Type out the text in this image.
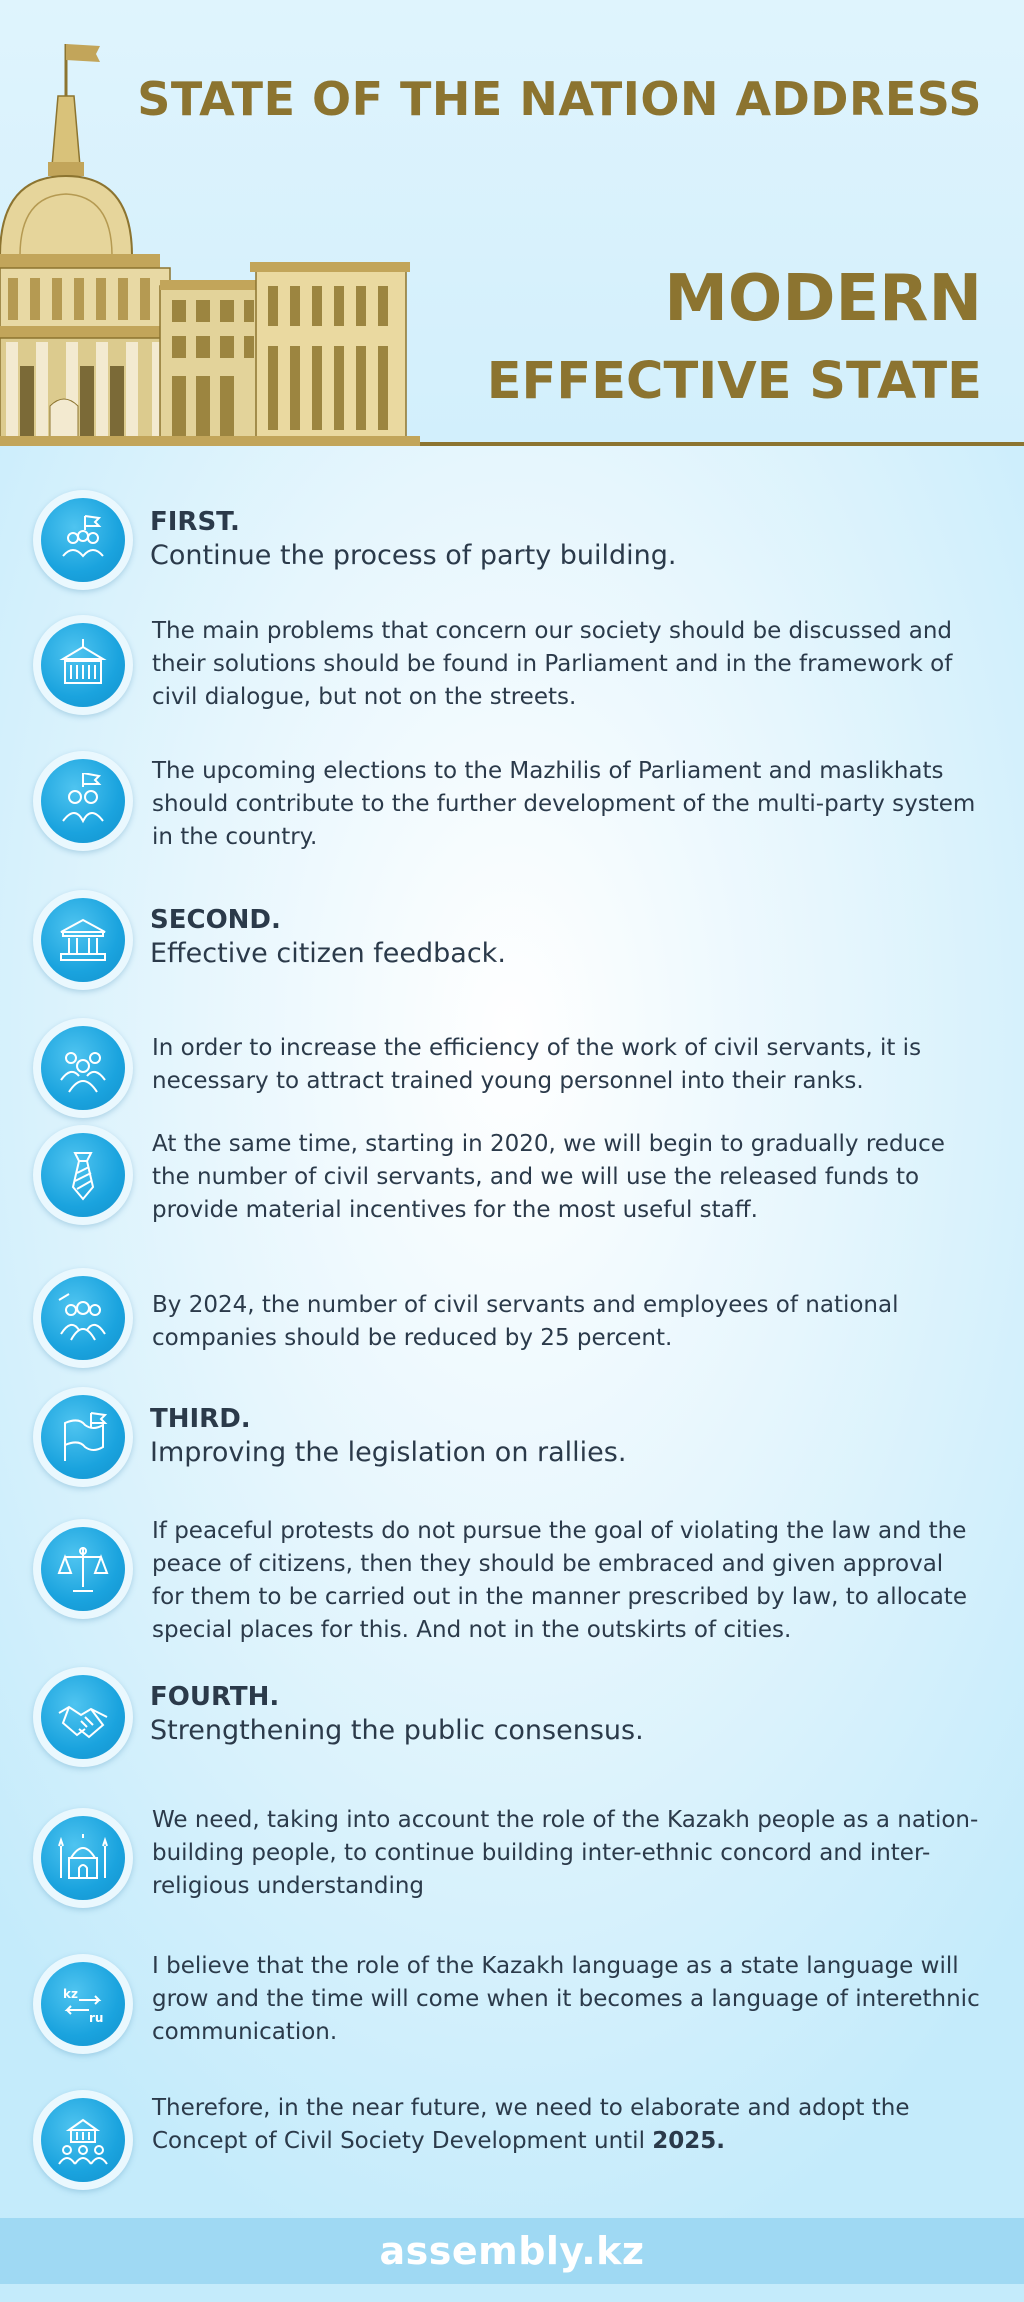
STATE OF THE NATION ADDRESS
MODERN
EFFECTIVE STATE
FIRST.
Continue the process of party building.
The main problems that concern our society should be discussed and their solutions should be found in Parliament and in the framework of civil dialogue, but not on the streets.
The upcoming elections to the Mazhilis of Parliament and maslikhats should contribute to the further development of the multi-party system in the country.
SECOND.
Effective citizen feedback.
In order to increase the efficiency of the work of civil servants, it is necessary to attract trained young personnel into their ranks.
At the same time, starting in 2020, we will begin to gradually reduce the number of civil servants, and we will use the released funds to provide material incentives for the most useful staff.
By 2024, the number of civil servants and employees of national companies should be reduced by 25 percent.
THIRD.
Improving the legislation on rallies.
If peaceful protests do not pursue the goal of violating the law and the peace of citizens, then they should be embraced and given approval for them to be carried out in the manner prescribed by law, to allocate special places for this. And not in the outskirts of cities.
FOURTH.
Strengthening the public consensus.
We need, taking into account the role of the Kazakh people as a nation-building people, to continue building inter-ethnic concord and inter-religious understanding
kz
ru
I believe that the role of the Kazakh language as a state language will grow and the time will come when it becomes a language of interethnic communication.
Therefore, in the near future, we need to elaborate and adopt the Concept of Civil Society Development until 2025.
assembly.kz
